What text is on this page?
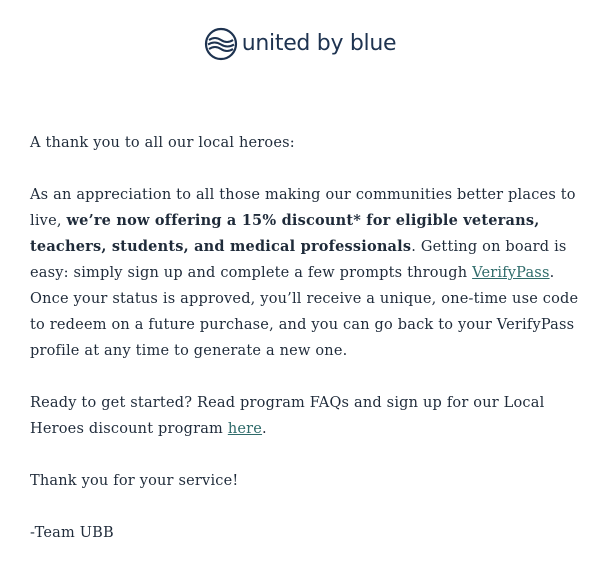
united by blue

A thank you to all our local heroes:

As an appreciation to all those making our communities better places to live, we’re now offering a 15% discount* for eligible veterans, teachers, students, and medical professionals. Getting on board is easy: simply sign up and complete a few prompts through VerifyPass. Once your status is approved, you’ll receive a unique, one-time use code to redeem on a future purchase, and you can go back to your VerifyPass profile at any time to generate a new one.

Ready to get started? Read program FAQs and sign up for our Local Heroes discount program here.

Thank you for your service!

-Team UBB
